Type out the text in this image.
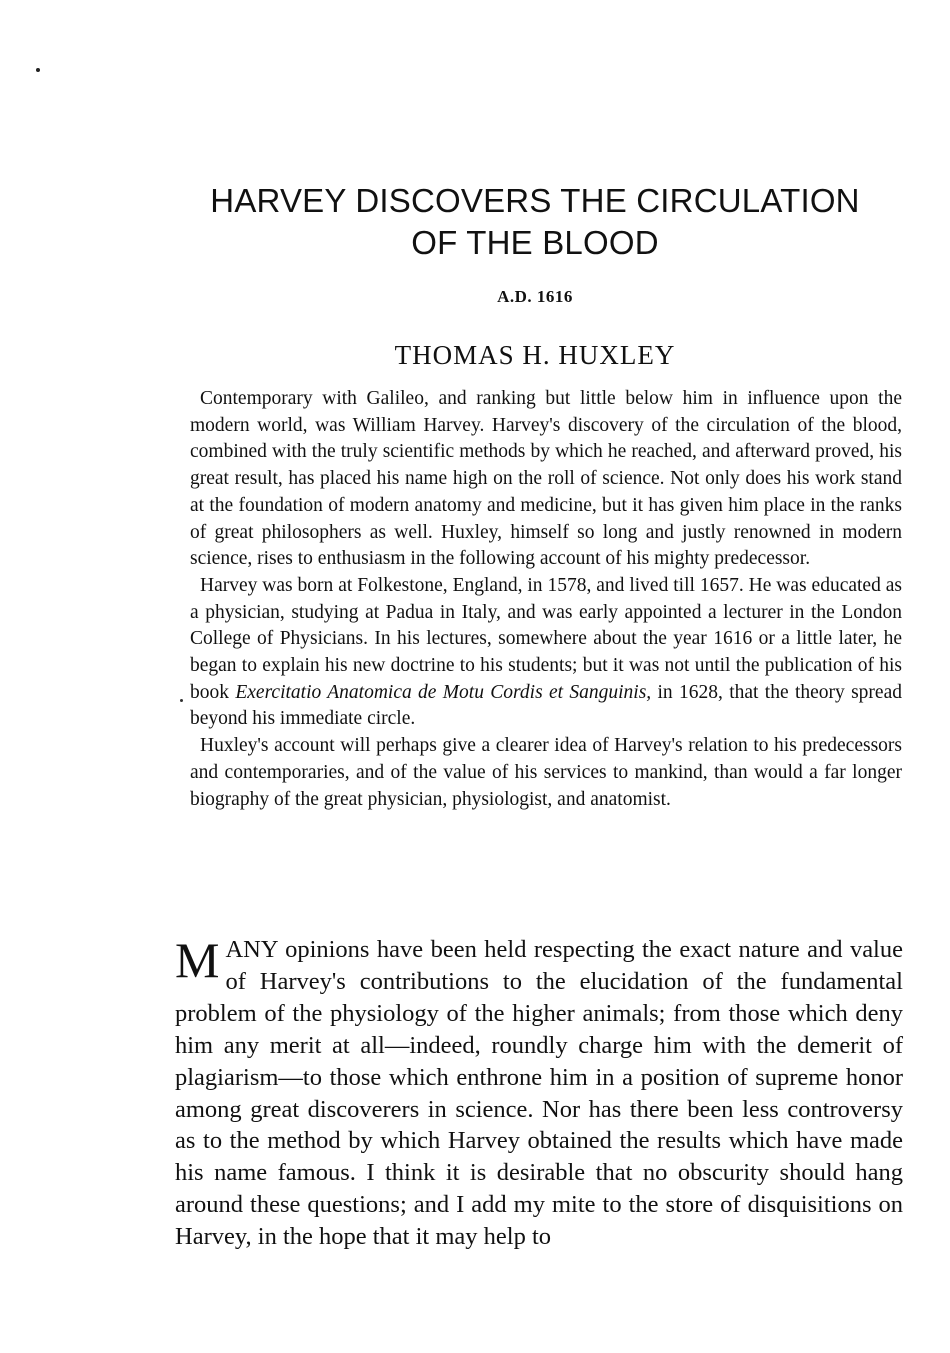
HARVEY DISCOVERS THE CIRCULATION
OF THE BLOOD
A.D. 1616
THOMAS H. HUXLEY

Contemporary with Galileo, and ranking but little below him in influence upon the modern world, was William Harvey. Harvey's discovery of the circulation of the blood, combined with the truly scientific methods by which he reached, and afterward proved, his great result, has placed his name high on the roll of science. Not only does his work stand at the foundation of modern anatomy and medicine, but it has given him place in the ranks of great philosophers as well. Huxley, himself so long and justly renowned in modern science, rises to enthusiasm in the following account of his mighty predecessor.

Harvey was born at Folkestone, England, in 1578, and lived till 1657. He was educated as a physician, studying at Padua in Italy, and was early appointed a lecturer in the London College of Physicians. In his lectures, somewhere about the year 1616 or a little later, he began to explain his new doctrine to his students; but it was not until the publication of his book Exercitatio Anatomica de Motu Cordis et Sanguinis, in 1628, that the theory spread beyond his immediate circle.

Huxley's account will perhaps give a clearer idea of Harvey's relation to his predecessors and contemporaries, and of the value of his services to mankind, than would a far longer biography of the great physician, physiologist, and anatomist.

MANY opinions have been held respecting the exact nature and value of Harvey's contributions to the elucidation of the fundamental problem of the physiology of the higher animals; from those which deny him any merit at all—indeed, roundly charge him with the demerit of plagiarism—to those which enthrone him in a position of supreme honor among great discoverers in science. Nor has there been less controversy as to the method by which Harvey obtained the results which have made his name famous. I think it is desirable that no obscurity should hang around these questions; and I add my mite to the store of disquisitions on Harvey, in the hope that it may help to
